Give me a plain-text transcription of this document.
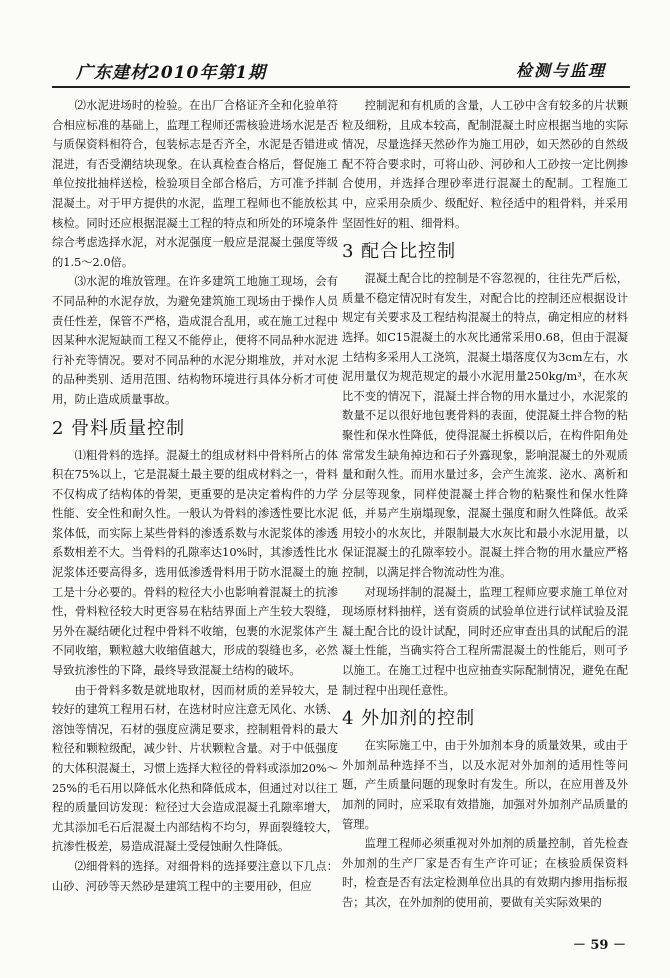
广东建材2010年第1期	检测与监理

⑵水泥进场时的检验。在出厂合格证齐全和化验单符合相应标准的基础上，监理工程师还需核验进场水泥是否与质保资料相符合，包装标志是否齐全，水泥是否错进或混进，有否受潮结块现象。在认真检查合格后，督促施工单位按批抽样送检，检验项目全部合格后，方可准予拌制混凝土。对于甲方提供的水泥，监理工程师也不能放松其核检。同时还应根据混凝土工程的特点和所处的环境条件综合考虑选择水泥，对水泥强度一般应是混凝土强度等级的1.5～2.0倍。

⑶水泥的堆放管理。在许多建筑工地施工现场，会有不同品种的水泥存放，为避免建筑施工现场由于操作人员责任性差，保管不严格，造成混合乱用，或在施工过程中因某种水泥短缺而工程又不能停止，便将不同品种水泥进行补充等情况。要对不同品种的水泥分期堆放，并对水泥的品种类别、适用范围、结构物环境进行具体分析才可使用，防止造成质量事故。

2 骨料质量控制

⑴粗骨料的选择。混凝土的组成材料中骨料所占的体积在75%以上，它是混凝土最主要的组成材料之一，骨料不仅构成了结构体的骨架，更重要的是决定着构件的力学性能、安全性和耐久性。一般认为骨料的渗透性要比水泥浆体低，而实际上某些骨料的渗透系数与水泥浆体的渗透系数相差不大。当骨料的孔隙率达10%时，其渗透性比水泥浆体还要高得多，选用低渗透骨料用于防水混凝土的施工是十分必要的。骨料的粒径大小也影响着混凝土的抗渗性，骨料粒径较大时更容易在粘结界面上产生较大裂缝，另外在凝结硬化过程中骨料不收缩，包裹的水泥浆体产生不同收缩，颗粒越大收缩值越大，形成的裂缝也多，必然导致抗渗性的下降，最终导致混凝土结构的破坏。

由于骨料多数是就地取材，因而材质的差异较大，是较好的建筑工程用石材，在选材时应注意无风化、水锈、溶蚀等情况，石材的强度应满足要求，控制粗骨料的最大粒径和颗粒级配，减少针、片状颗粒含量。对于中低强度的大体积混凝土，习惯上选择大粒径的骨料或添加20%～25%的毛石用以降低水化热和降低成本，但通过对以往工程的质量回访发现：粒径过大会造成混凝土孔隙率增大，尤其添加毛石后混凝土内部结构不均匀，界面裂缝较大，抗渗性极差，易造成混凝土受侵蚀耐久性降低。

⑵细骨料的选择。对细骨料的选择要注意以下几点：山砂、河砂等天然砂是建筑工程中的主要用砂，但应

控制泥和有机质的含量，人工砂中含有较多的片状颗粒及细粉，且成本较高，配制混凝土时应根据当地的实际情况，尽量选择天然砂作为施工用砂，如天然砂的自然级配不符合要求时，可将山砂、河砂和人工砂按一定比例掺合使用，并选择合理砂率进行混凝土的配制。工程施工中，应采用杂质少、级配好、粒径适中的粗骨料，并采用坚固性好的粗、细骨料。

3 配合比控制

混凝土配合比的控制是不容忽视的，往往先严后松，质量不稳定情况时有发生，对配合比的控制还应根据设计规定有关要求及工程结构混凝土的特点，确定相应的材料选择。如C15混凝土的水灰比通常采用0.68，但由于混凝土结构多采用人工浇筑，混凝土塌落度仅为3cm左右，水泥用量仅为规范规定的最小水泥用量250kg/m³，在水灰比不变的情况下，混凝土拌合物的用水量过小，水泥浆的数量不足以很好地包裹骨料的表面，使混凝土拌合物的粘聚性和保水性降低，使得混凝土拆模以后，在构件阳角处常常发生缺角掉边和石子外露现象，影响混凝土的外观质量和耐久性。而用水量过多，会产生流浆、泌水、离析和分层等现象，同样使混凝土拌合物的粘聚性和保水性降低，并易产生崩塌现象，混凝土强度和耐久性降低。故采用较小的水灰比，并限制最大水灰比和最小水泥用量，以保证混凝土的孔隙率较小。混凝土拌合物的用水量应严格控制，以满足拌合物流动性为准。

对现场拌制的混凝土，监理工程师应要求施工单位对现场原材料抽样，送有资质的试验单位进行试样试验及混凝土配合比的设计试配，同时还应审查出具的试配后的混凝土性能，当确实符合工程所需混凝土的性能后，则可予以施工。在施工过程中也应抽查实际配制情况，避免在配制过程中出现任意性。

4 外加剂的控制

在实际施工中，由于外加剂本身的质量效果，或由于外加剂品种选择不当，以及水泥对外加剂的适用性等问题，产生质量问题的现象时有发生。所以，在应用普及外加剂的同时，应采取有效措施，加强对外加剂产品质量的管理。

监理工程师必须重视对外加剂的质量控制，首先检查外加剂的生产厂家是否有生产许可证；在核验质保资料时，检查是否有法定检测单位出具的有效期内掺用指标报告；其次，在外加剂的使用前，要做有关实际效果的

－ 59 －
